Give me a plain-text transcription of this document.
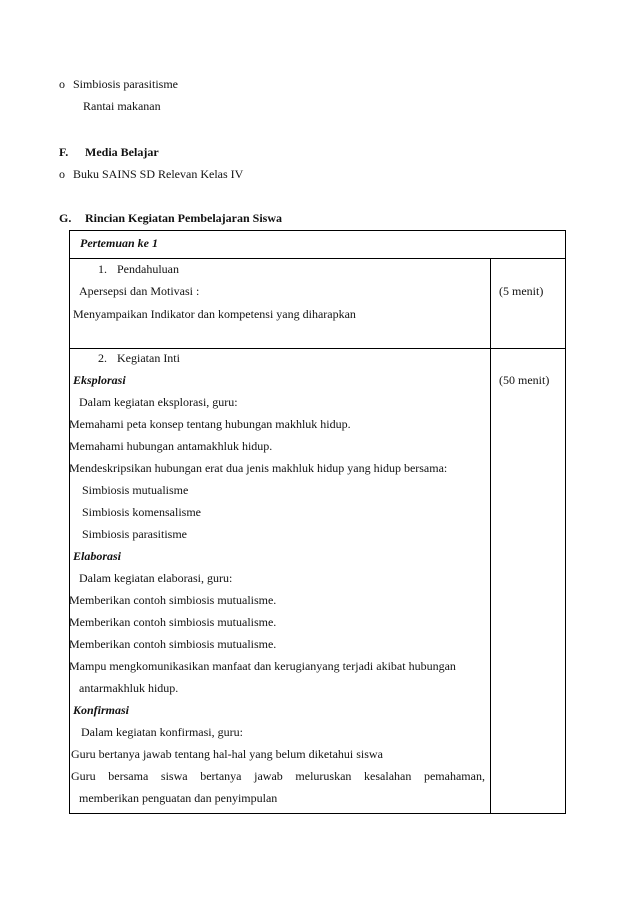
o Simbiosis parasitisme
Rantai makanan
F. Media Belajar
o Buku SAINS SD Relevan Kelas IV
G. Rincian Kegiatan Pembelajaran Siswa
Pertemuan ke 1
1. Pendahuluan
Apersepsi dan Motivasi :
Menyampaikan Indikator dan kompetensi yang diharapkan
(5 menit)
2. Kegiatan Inti
(50 menit)
Eksplorasi
Dalam kegiatan eksplorasi, guru:
Memahami peta konsep tentang hubungan makhluk hidup.
Memahami hubungan antamakhluk hidup.
Mendeskripsikan hubungan erat dua jenis makhluk hidup yang hidup bersama:
Simbiosis mutualisme
Simbiosis komensalisme
Simbiosis parasitisme
Elaborasi
Dalam kegiatan elaborasi, guru:
Memberikan contoh simbiosis mutualisme.
Memberikan contoh simbiosis mutualisme.
Memberikan contoh simbiosis mutualisme.
Mampu mengkomunikasikan manfaat dan kerugianyang terjadi akibat hubungan
antarmakhluk hidup.
Konfirmasi
Dalam kegiatan konfirmasi, guru:
Guru bertanya jawab tentang hal-hal yang belum diketahui siswa
Guru bersama siswa bertanya jawab meluruskan kesalahan pemahaman,
memberikan penguatan dan penyimpulan
